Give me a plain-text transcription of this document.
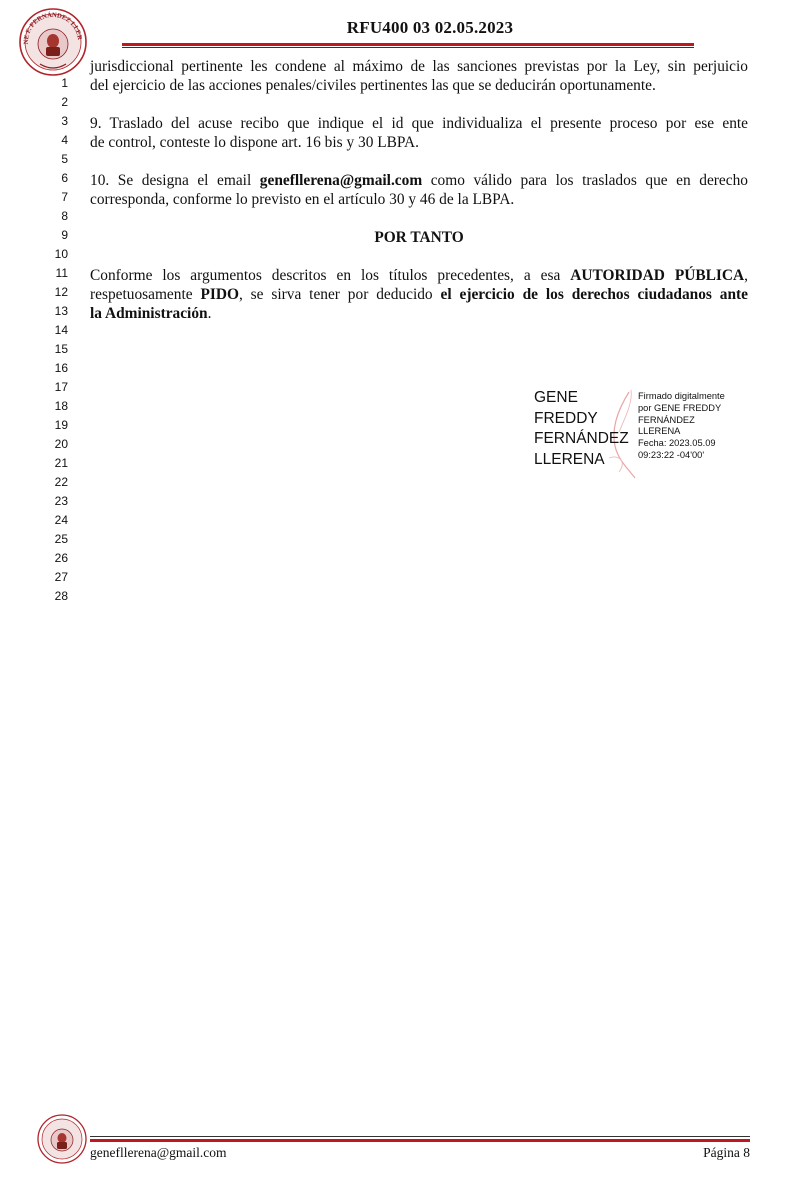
NE F. FERNÁNDEZ LLER
RFU400 03 02.05.2023
1
2
3
4
5
6
7
8
9
10
11
12
13
14
15
16
17
18
19
20
21
22
23
24
25
26
27
28

jurisdiccional pertinente les condene al máximo de las sanciones previstas por la Ley, sin perjuicio

del ejercicio de las acciones penales/civiles pertinentes las que se deducirán oportunamente.

9. Traslado del acuse recibo que indique el id que individualiza el presente proceso por ese ente

de control, conteste lo dispone art. 16 bis y 30 LBPA.

10. Se designa el email genefllerena@gmail.com como válido para los traslados que en derecho

corresponda, conforme lo previsto en el artículo 30 y 46 de la LBPA.

POR TANTO

Conforme los argumentos descritos en los títulos precedentes, a esa AUTORIDAD PÚBLICA,

respetuosamente PIDO, se sirva tener por deducido el ejercicio de los derechos ciudadanos ante

la Administración.

GENE
FREDDY
FERNÁNDEZ
LLERENA
Firmado digitalmente
por GENE FREDDY
FERNÁNDEZ
LLERENA
Fecha: 2023.05.09
09:23:22 -04'00'
genefllerena@gmail.com	Página 8
